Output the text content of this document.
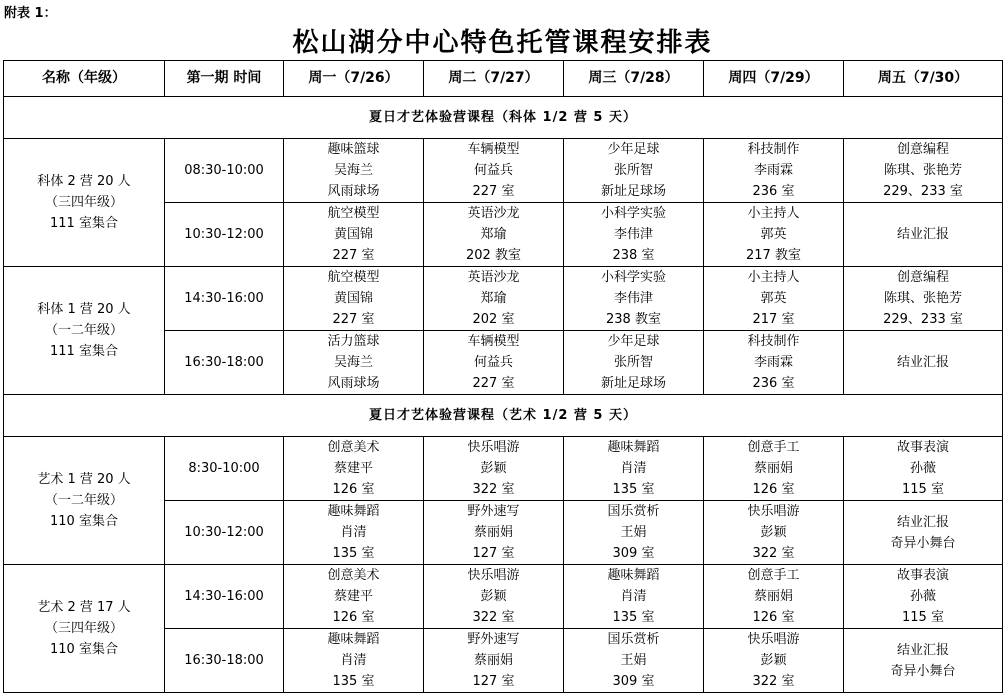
附表 1：
松山湖分中心特色托管课程安排表
名称（年级）	第一期 时间	周一（7/26）	周二（7/27）	周三（7/28）	周四（7/29）	周五（7/30）
夏日才艺体验营课程（科体 1/2 营 5 天）						

科体 2 营 20 人
（三四年级）
111 室集合	08:30-10:00	趣味篮球
吴海兰
风雨球场	车辆模型
何益兵
227 室	少年足球
张所智
新址足球场	科技制作
李雨霖
236 室	创意编程
陈琪、张艳芳
229、233 室

	10:30-12:00	航空模型
黄国锦
227 室	英语沙龙
郑瑜
202 教室	小科学实验
李伟津
238 室	小主持人
郭英
217 教室	结业汇报

科体 1 营 20 人
（一二年级）
111 室集合	14:30-16:00	航空模型
黄国锦
227 室	英语沙龙
郑瑜
202 室	小科学实验
李伟津
238 教室	小主持人
郭英
217 室	创意编程
陈琪、张艳芳
229、233 室

	16:30-18:00	活力篮球
吴海兰
风雨球场	车辆模型
何益兵
227 室	少年足球
张所智
新址足球场	科技制作
李雨霖
236 室	结业汇报

夏日才艺体验营课程（艺术 1/2 营 5 天）						

艺术 1 营 20 人
（一二年级）
110 室集合	8:30-10:00	创意美术
蔡建平
126 室	快乐唱游
彭颖
322 室	趣味舞蹈
肖清
135 室	创意手工
蔡丽娟
126 室	故事表演
孙薇
115 室

	10:30-12:00	趣味舞蹈
肖清
135 室	野外速写
蔡丽娟
127 室	国乐赏析
王娟
309 室	快乐唱游
彭颖
322 室	结业汇报
奇异小舞台

艺术 2 营 17 人
（三四年级）
110 室集合	14:30-16:00	创意美术
蔡建平
126 室	快乐唱游
彭颖
322 室	趣味舞蹈
肖清
135 室	创意手工
蔡丽娟
126 室	故事表演
孙薇
115 室

	16:30-18:00	趣味舞蹈
肖清
135 室	野外速写
蔡丽娟
127 室	国乐赏析
王娟
309 室	快乐唱游
彭颖
322 室	结业汇报
奇异小舞台
